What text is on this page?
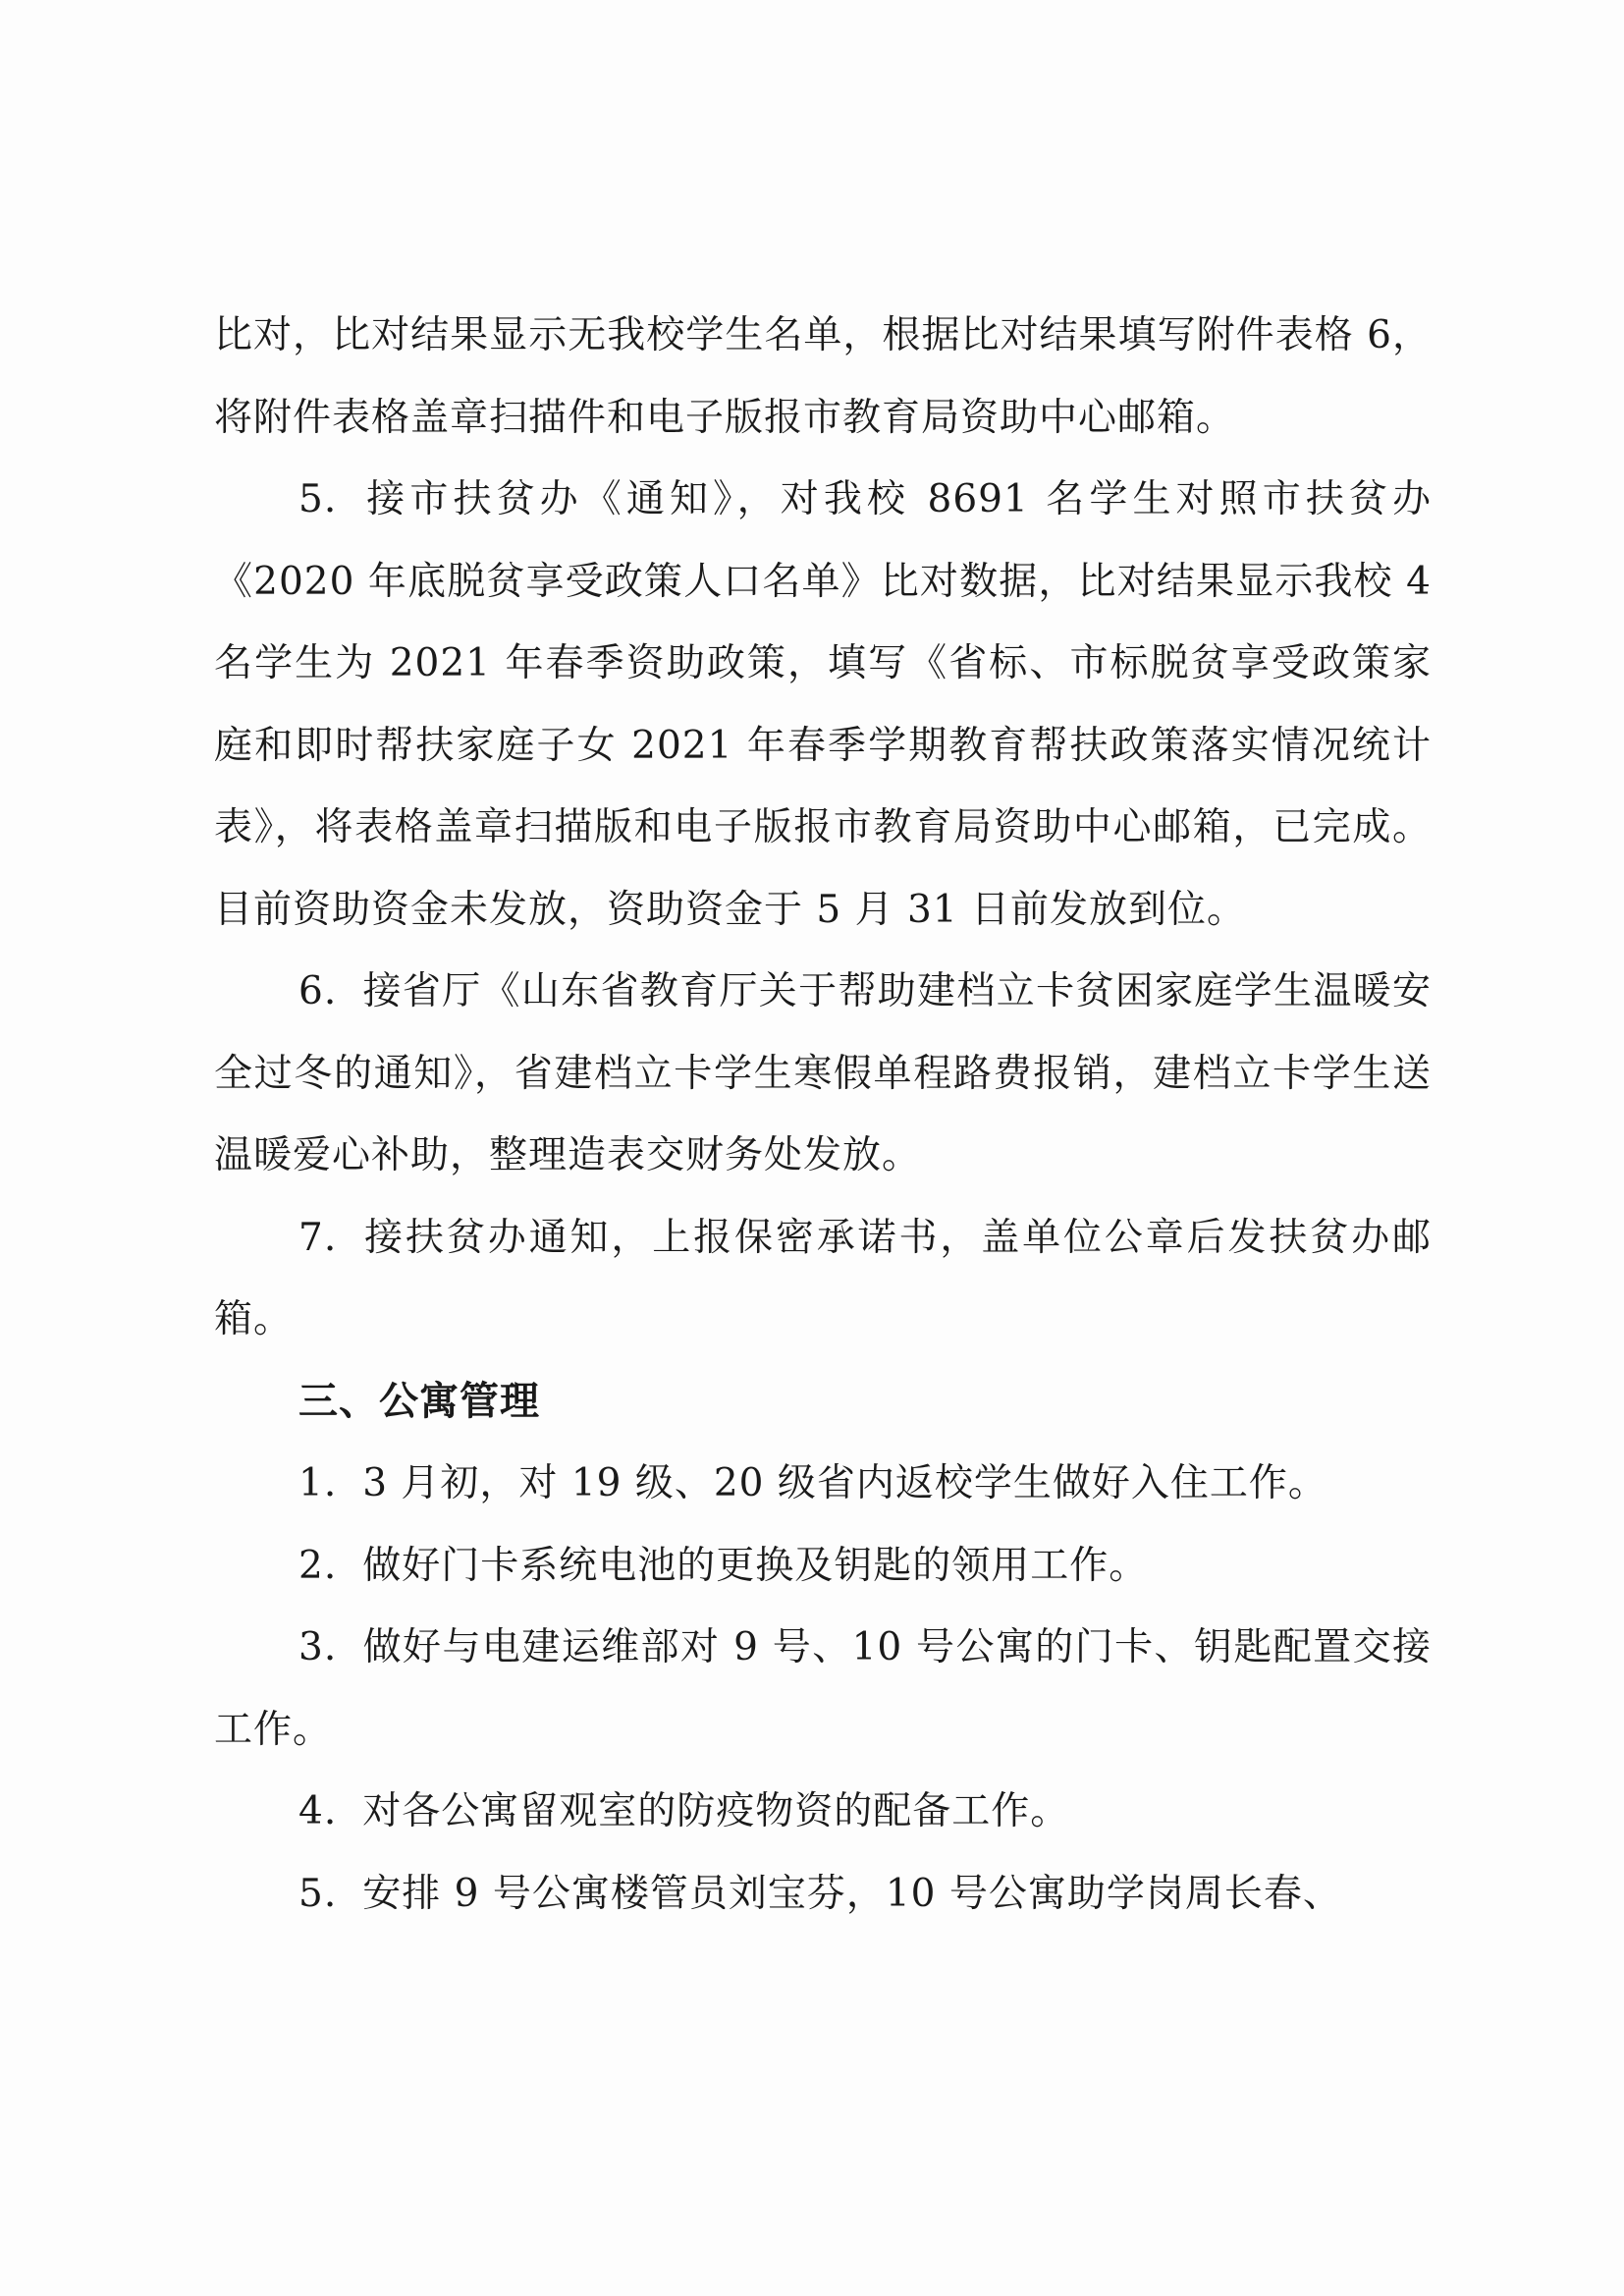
比对，比对结果显示无我校学生名单，根据比对结果填写附件表格 6，将附件表格盖章扫描件和电子版报市教育局资助中心邮箱。

5. 接市扶贫办《通知》，对我校 8691 名学生对照市扶贫办《2020 年底脱贫享受政策人口名单》比对数据，比对结果显示我校 4 名学生为 2021 年春季资助政策，填写《省标、市标脱贫享受政策家庭和即时帮扶家庭子女 2021 年春季学期教育帮扶政策落实情况统计表》，将表格盖章扫描版和电子版报市教育局资助中心邮箱，已完成。目前资助资金未发放，资助资金于 5 月 31 日前发放到位。

6. 接省厅《山东省教育厅关于帮助建档立卡贫困家庭学生温暖安全过冬的通知》，省建档立卡学生寒假单程路费报销，建档立卡学生送温暖爱心补助，整理造表交财务处发放。

7. 接扶贫办通知，上报保密承诺书，盖单位公章后发扶贫办邮箱。

三、公寓管理

1. 3 月初，对 19 级、20 级省内返校学生做好入住工作。

2. 做好门卡系统电池的更换及钥匙的领用工作。

3. 做好与电建运维部对 9 号、10 号公寓的门卡、钥匙配置交接工作。

4. 对各公寓留观室的防疫物资的配备工作。

5. 安排 9 号公寓楼管员刘宝芬，10 号公寓助学岗周长春、
